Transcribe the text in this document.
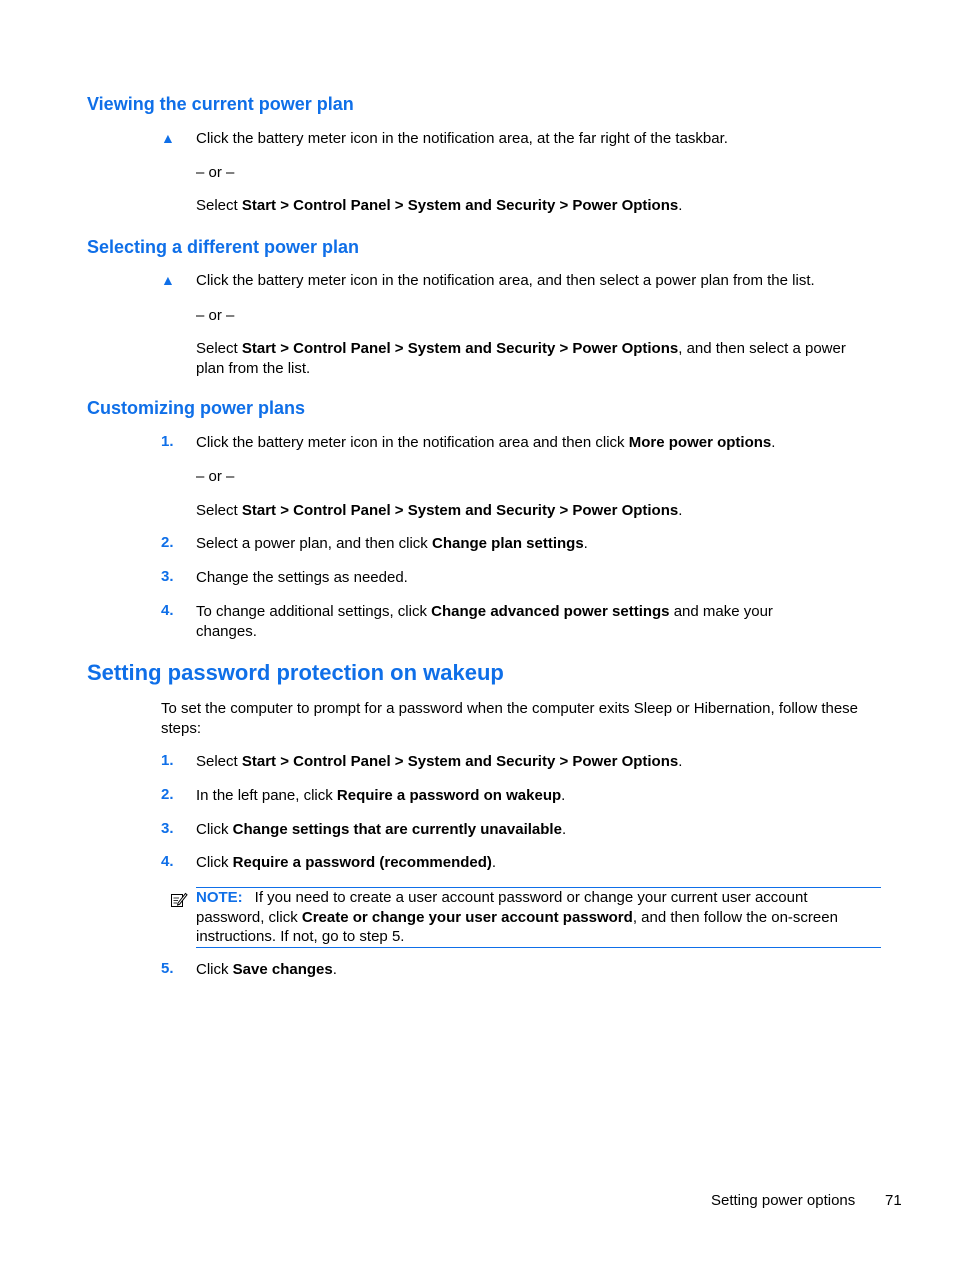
Viewing the current power plan
▲ Click the battery meter icon in the notification area, at the far right of the taskbar.
– or –
Select Start > Control Panel > System and Security > Power Options.
Selecting a different power plan
▲ Click the battery meter icon in the notification area, and then select a power plan from the list.
– or –
Select Start > Control Panel > System and Security > Power Options, and then select a power plan from the list.
Customizing power plans
1. Click the battery meter icon in the notification area and then click More power options.
– or –
Select Start > Control Panel > System and Security > Power Options.
2. Select a power plan, and then click Change plan settings.
3. Change the settings as needed.
4. To change additional settings, click Change advanced power settings and make your changes.
Setting password protection on wakeup
To set the computer to prompt for a password when the computer exits Sleep or Hibernation, follow these steps:
1. Select Start > Control Panel > System and Security > Power Options.
2. In the left pane, click Require a password on wakeup.
3. Click Change settings that are currently unavailable.
4. Click Require a password (recommended).
NOTE: If you need to create a user account password or change your current user account password, click Create or change your user account password, and then follow the on-screen instructions. If not, go to step 5.
5. Click Save changes.
Setting power options 71
